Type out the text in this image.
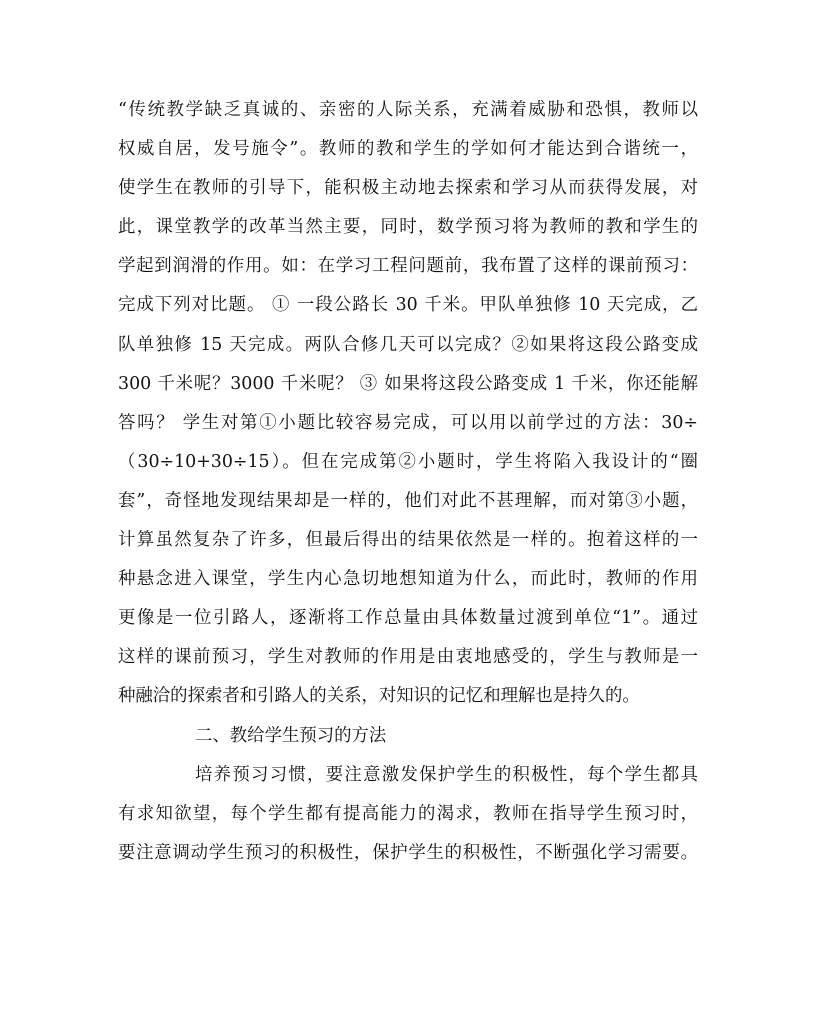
“传统教学缺乏真诚的、亲密的人际关系，充满着威胁和恐惧，教师以
权威自居，发号施令”。教师的教和学生的学如何才能达到合谐统一，
使学生在教师的引导下，能积极主动地去探索和学习从而获得发展，对
此，课堂教学的改革当然主要，同时，数学预习将为教师的教和学生的
学起到润滑的作用。如：在学习工程问题前，我布置了这样的课前预习：
完成下列对比题。 ① 一段公路长 30 千米。甲队单独修 10 天完成，乙
队单独修 15 天完成。两队合修几天可以完成？②如果将这段公路变成
300 千米呢？3000 千米呢？ ③ 如果将这段公路变成 1 千米，你还能解
答吗？ 学生对第①小题比较容易完成，可以用以前学过的方法：30÷
（30÷10+30÷15）。但在完成第②小题时，学生将陷入我设计的“圈
套”，奇怪地发现结果却是一样的，他们对此不甚理解，而对第③小题，
计算虽然复杂了许多，但最后得出的结果依然是一样的。抱着这样的一
种悬念进入课堂，学生内心急切地想知道为什么，而此时，教师的作用
更像是一位引路人，逐渐将工作总量由具体数量过渡到单位“1”。通过
这样的课前预习，学生对教师的作用是由衷地感受的，学生与教师是一
种融洽的探索者和引路人的关系，对知识的记忆和理解也是持久的。
二、教给学生预习的方法
培养预习习惯，要注意激发保护学生的积极性，每个学生都具
有求知欲望，每个学生都有提高能力的渴求，教师在指导学生预习时，
要注意调动学生预习的积极性，保护学生的积极性，不断强化学习需要。
